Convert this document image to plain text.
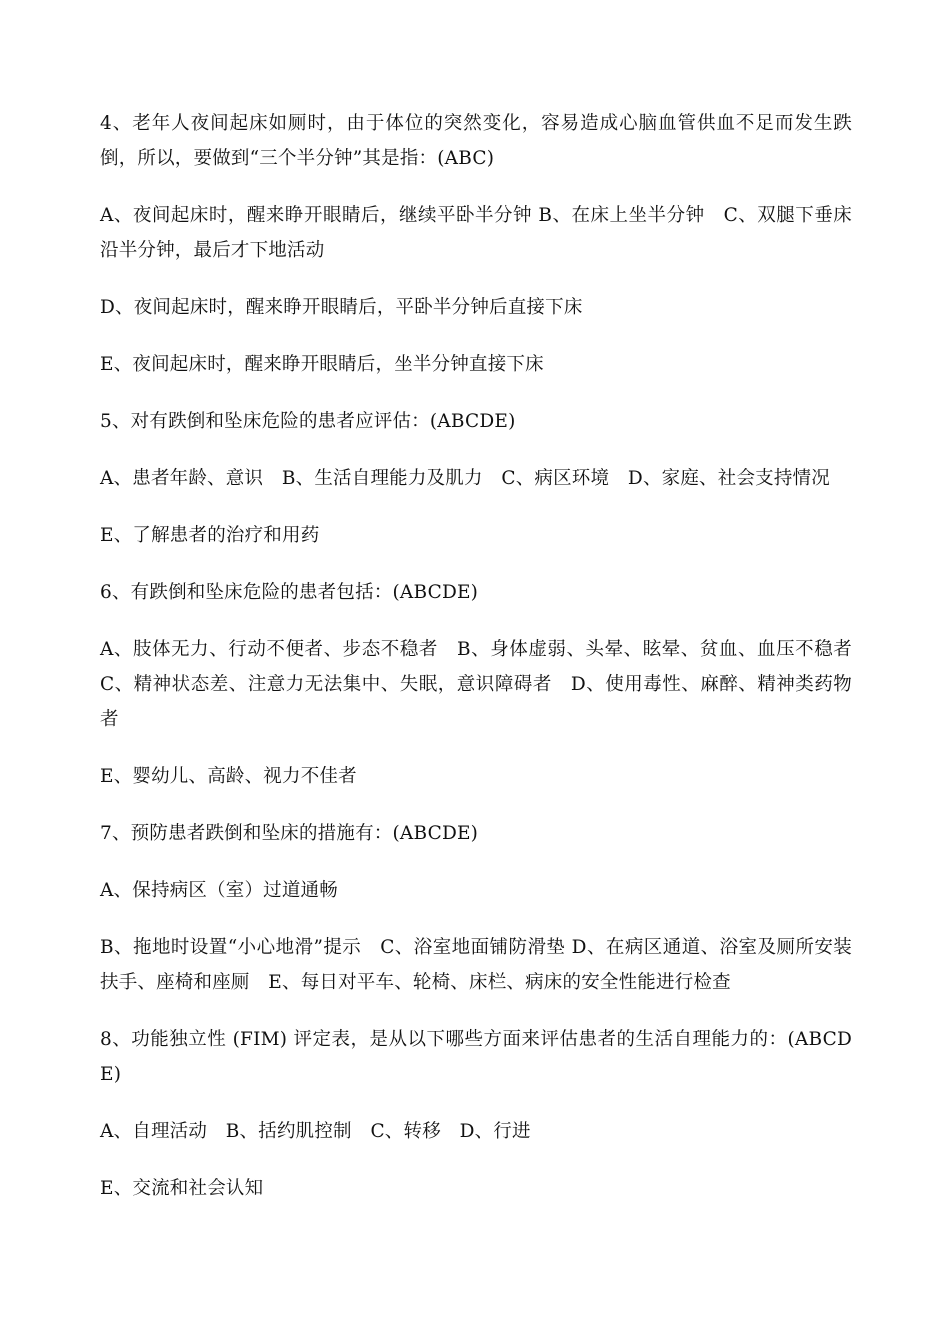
4、老年人夜间起床如厕时，由于体位的突然变化，容易造成心脑血管供血不足而发生跌倒，所以，要做到“三个半分钟”其是指：(ABC)

A、夜间起床时，醒来睁开眼睛后，继续平卧半分钟 B、在床上坐半分钟　C、双腿下垂床沿半分钟，最后才下地活动

D、夜间起床时，醒来睁开眼睛后，平卧半分钟后直接下床

E、夜间起床时，醒来睁开眼睛后，坐半分钟直接下床

5、对有跌倒和坠床危险的患者应评估：(ABCDE)

A、患者年龄、意识　B、生活自理能力及肌力　C、病区环境　D、家庭、社会支持情况

E、了解患者的治疗和用药

6、有跌倒和坠床危险的患者包括：(ABCDE)

A、肢体无力、行动不便者、步态不稳者　B、身体虚弱、头晕、眩晕、贫血、血压不稳者 C、精神状态差、注意力无法集中、失眠，意识障碍者　D、使用毒性、麻醉、精神类药物者

E、婴幼儿、高龄、视力不佳者

7、预防患者跌倒和坠床的措施有：(ABCDE)

A、保持病区（室）过道通畅

B、拖地时设置“小心地滑”提示　C、浴室地面铺防滑垫 D、在病区通道、浴室及厕所安装扶手、座椅和座厕　E、每日对平车、轮椅、床栏、病床的安全性能进行检查

8、功能独立性 (FIM) 评定表，是从以下哪些方面来评估患者的生活自理能力的：(ABCDE)

A、自理活动　B、括约肌控制　C、转移　D、行进

E、交流和社会认知
